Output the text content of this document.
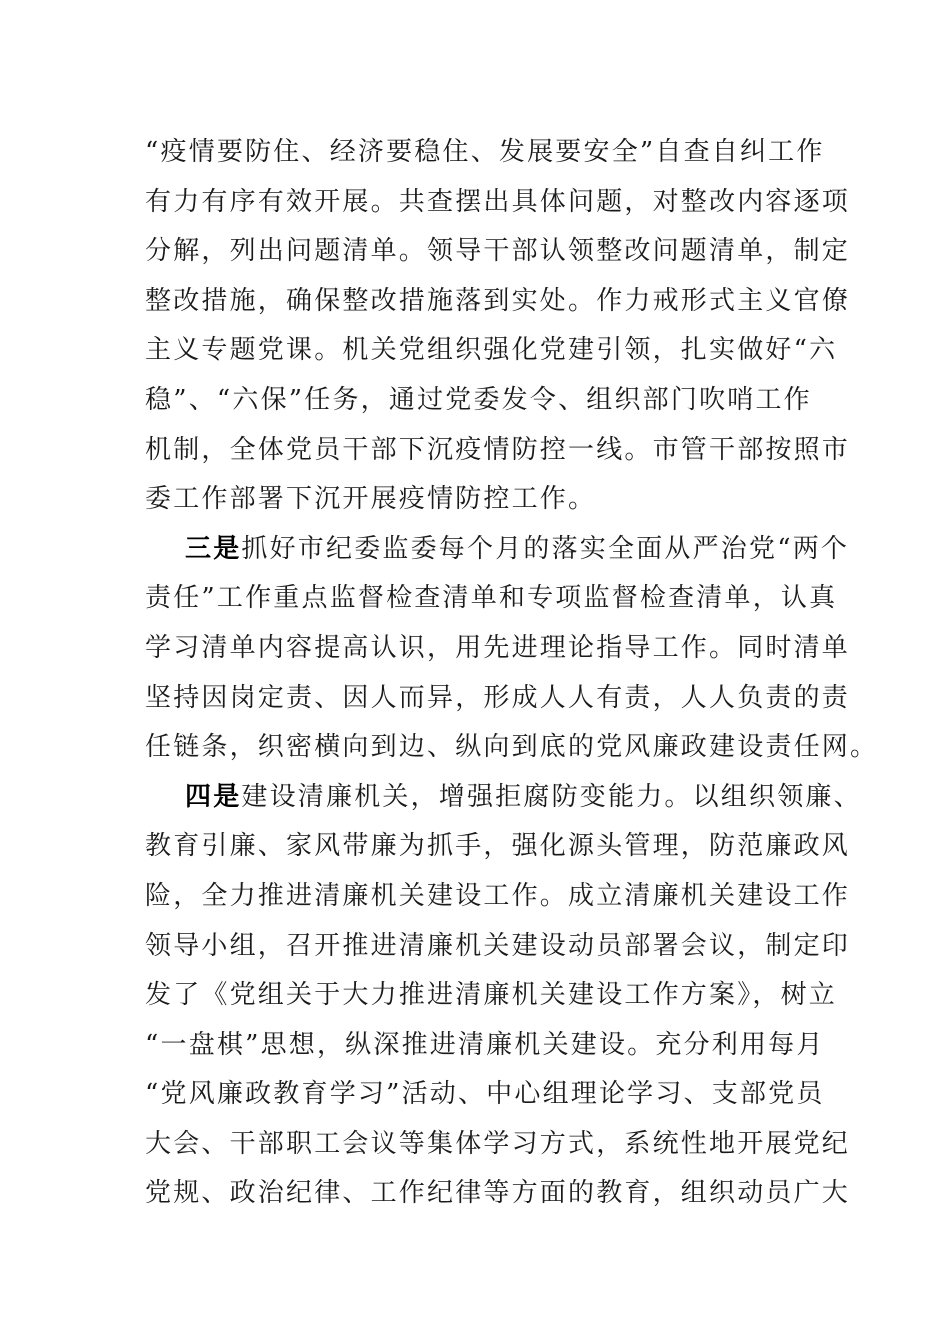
“疫情要防住、经济要稳住、发展要安全”自查自纠工作
有力有序有效开展。共查摆出具体问题，对整改内容逐项
分解，列出问题清单。领导干部认领整改问题清单，制定
整改措施，确保整改措施落到实处。作力戒形式主义官僚
主义专题党课。机关党组织强化党建引领，扎实做好“六
稳”、“六保”任务，通过党委发令、组织部门吹哨工作
机制，全体党员干部下沉疫情防控一线。市管干部按照市
委工作部署下沉开展疫情防控工作。
三是抓好市纪委监委每个月的落实全面从严治党“两个
责任”工作重点监督检查清单和专项监督检查清单，认真
学习清单内容提高认识，用先进理论指导工作。同时清单
坚持因岗定责、因人而异，形成人人有责，人人负责的责
任链条，织密横向到边、纵向到底的党风廉政建设责任网。
四是建设清廉机关，增强拒腐防变能力。以组织领廉、
教育引廉、家风带廉为抓手，强化源头管理，防范廉政风
险，全力推进清廉机关建设工作。成立清廉机关建设工作
领导小组，召开推进清廉机关建设动员部署会议，制定印
发了《党组关于大力推进清廉机关建设工作方案》，树立
“一盘棋”思想，纵深推进清廉机关建设。充分利用每月
“党风廉政教育学习”活动、中心组理论学习、支部党员
大会、干部职工会议等集体学习方式，系统性地开展党纪
党规、政治纪律、工作纪律等方面的教育，组织动员广大
